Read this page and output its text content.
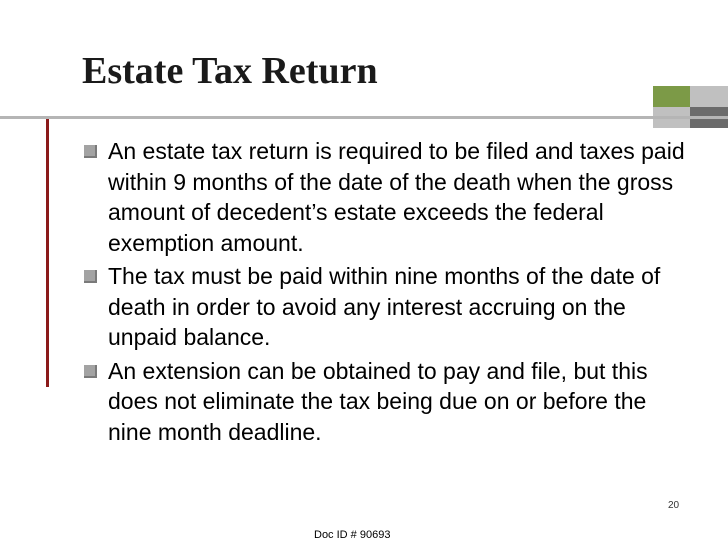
Estate Tax Return
An estate tax return is required to be filed and taxes paid within 9 months of the date of the death when the gross amount of decedent’s estate exceeds the federal exemption amount.
The tax must be paid within nine months of the date of death in order to avoid any interest accruing on the unpaid balance.
An extension can be obtained to pay and file, but this does not eliminate the tax being due on or before the nine month deadline.
20
Doc ID # 90693
